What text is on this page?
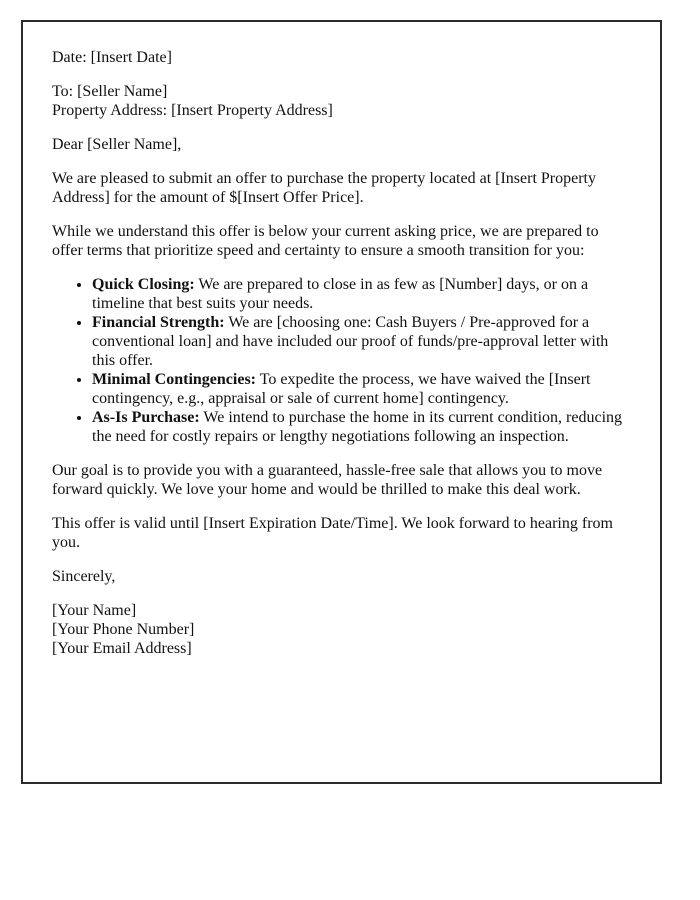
Date: [Insert Date]

To: [Seller Name]
Property Address: [Insert Property Address]

Dear [Seller Name],

We are pleased to submit an offer to purchase the property located at [Insert Property Address] for the amount of $[Insert Offer Price].

While we understand this offer is below your current asking price, we are prepared to offer terms that prioritize speed and certainty to ensure a smooth transition for you:

• Quick Closing: We are prepared to close in as few as [Number] days, or on a timeline that best suits your needs.
• Financial Strength: We are [choosing one: Cash Buyers / Pre-approved for a conventional loan] and have included our proof of funds/pre-approval letter with this offer.
• Minimal Contingencies: To expedite the process, we have waived the [Insert contingency, e.g., appraisal or sale of current home] contingency.
• As-Is Purchase: We intend to purchase the home in its current condition, reducing the need for costly repairs or lengthy negotiations following an inspection.

Our goal is to provide you with a guaranteed, hassle-free sale that allows you to move forward quickly. We love your home and would be thrilled to make this deal work.

This offer is valid until [Insert Expiration Date/Time]. We look forward to hearing from you.

Sincerely,

[Your Name]
[Your Phone Number]
[Your Email Address]
